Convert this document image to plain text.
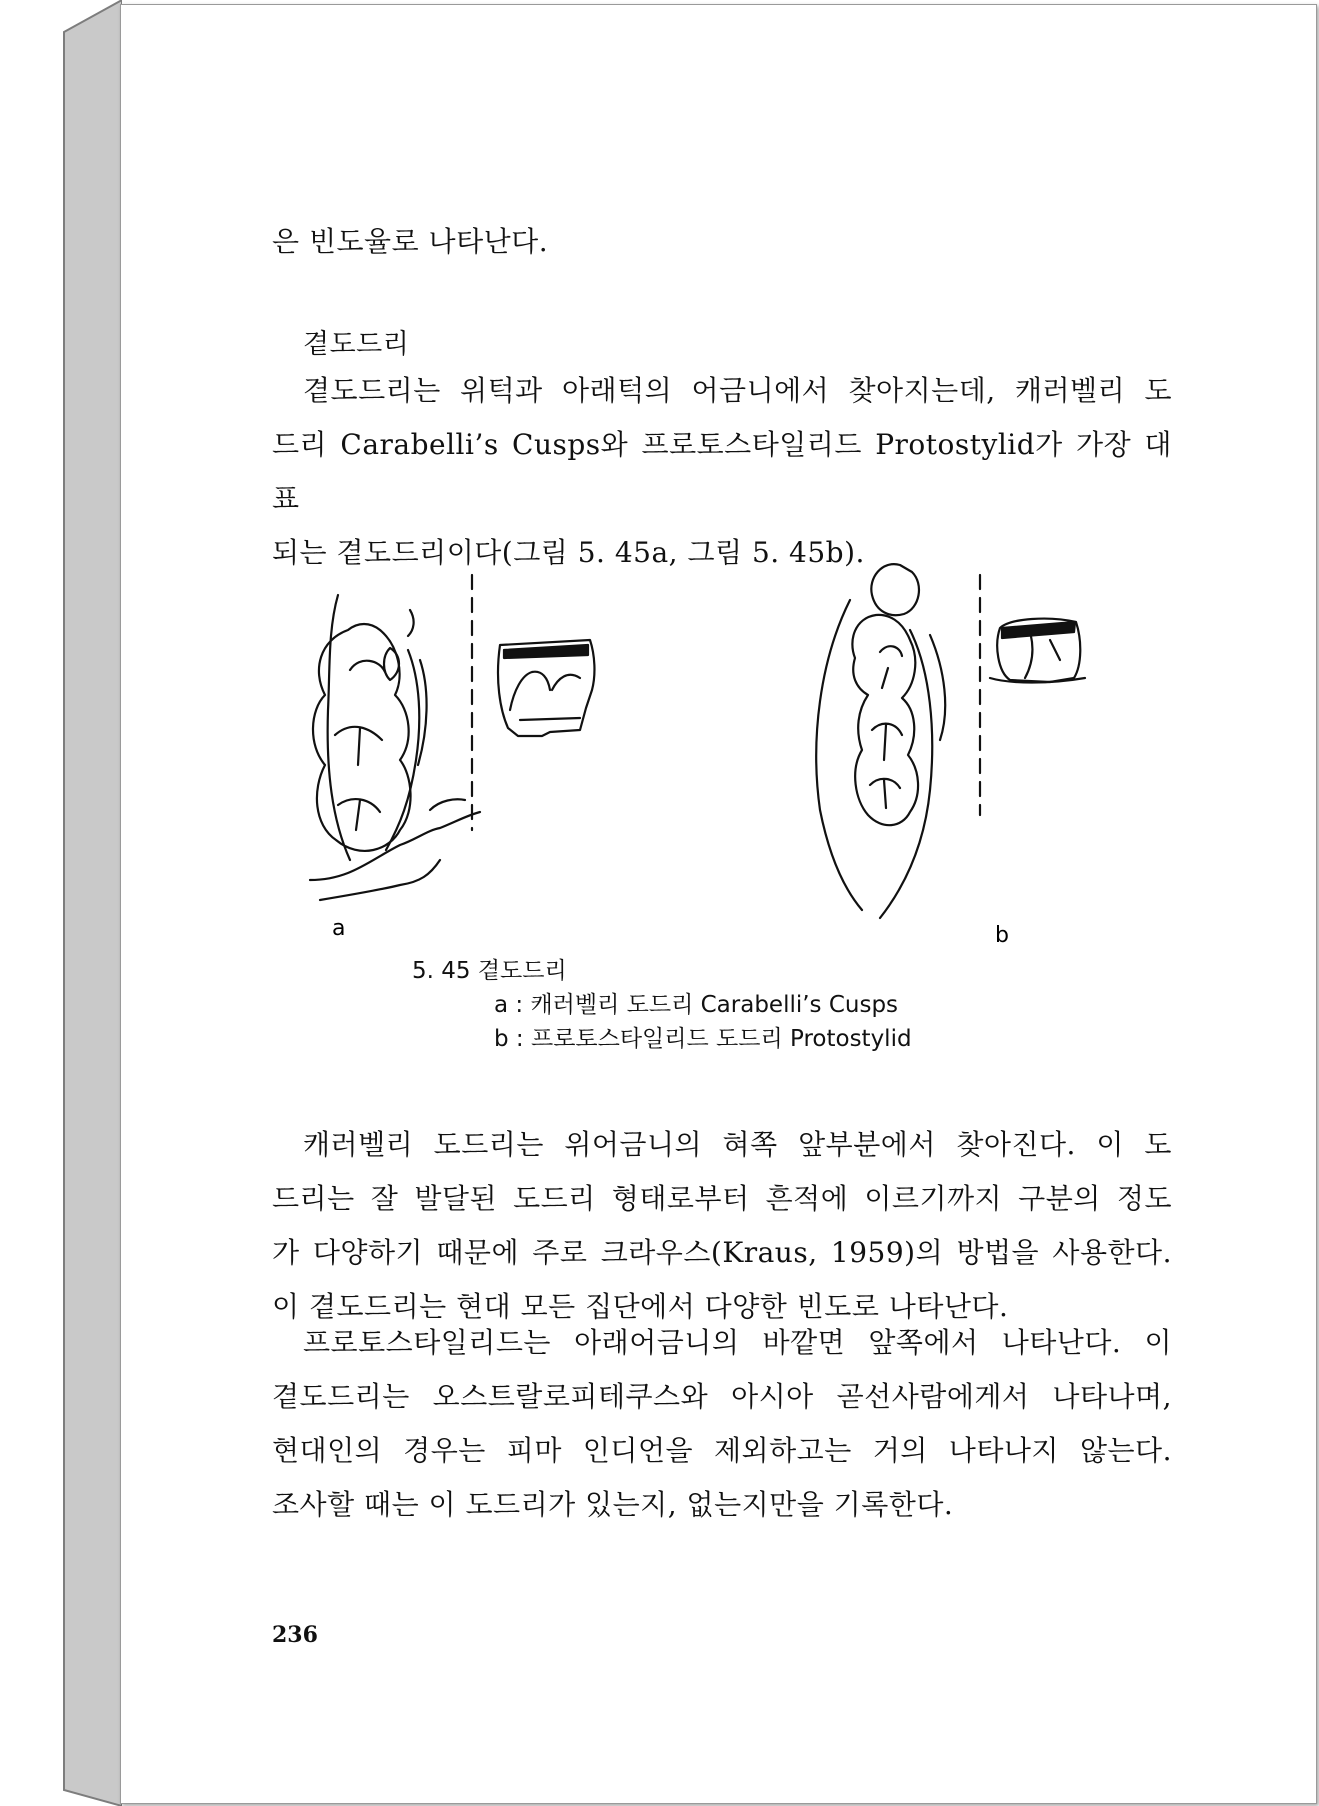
은 빈도율로 나타난다.
곁도드리

곁도드리는 위턱과 아래턱의 어금니에서 찾아지는데, 캐러벨리 도

드리 Carabelli’s Cusps와 프로토스타일리드 Protostylid가 가장 대표

되는 곁도드리이다(그림 5. 45a, 그림 5. 45b).

a	b
5. 45 곁도드리
a : 캐러벨리 도드리 Carabelli’s Cusps
b : 프로토스타일리드 도드리 Protostylid

캐러벨리 도드리는 위어금니의 혀쪽 앞부분에서 찾아진다. 이 도

드리는 잘 발달된 도드리 형태로부터 흔적에 이르기까지 구분의 정도

가 다양하기 때문에 주로 크라우스(Kraus, 1959)의 방법을 사용한다.

이 곁도드리는 현대 모든 집단에서 다양한 빈도로 나타난다.

프로토스타일리드는 아래어금니의 바깥면 앞쪽에서 나타난다. 이

곁도드리는 오스트랄로피테쿠스와 아시아 곧선사람에게서 나타나며,

현대인의 경우는 피마 인디언을 제외하고는 거의 나타나지 않는다.

조사할 때는 이 도드리가 있는지, 없는지만을 기록한다.

236
